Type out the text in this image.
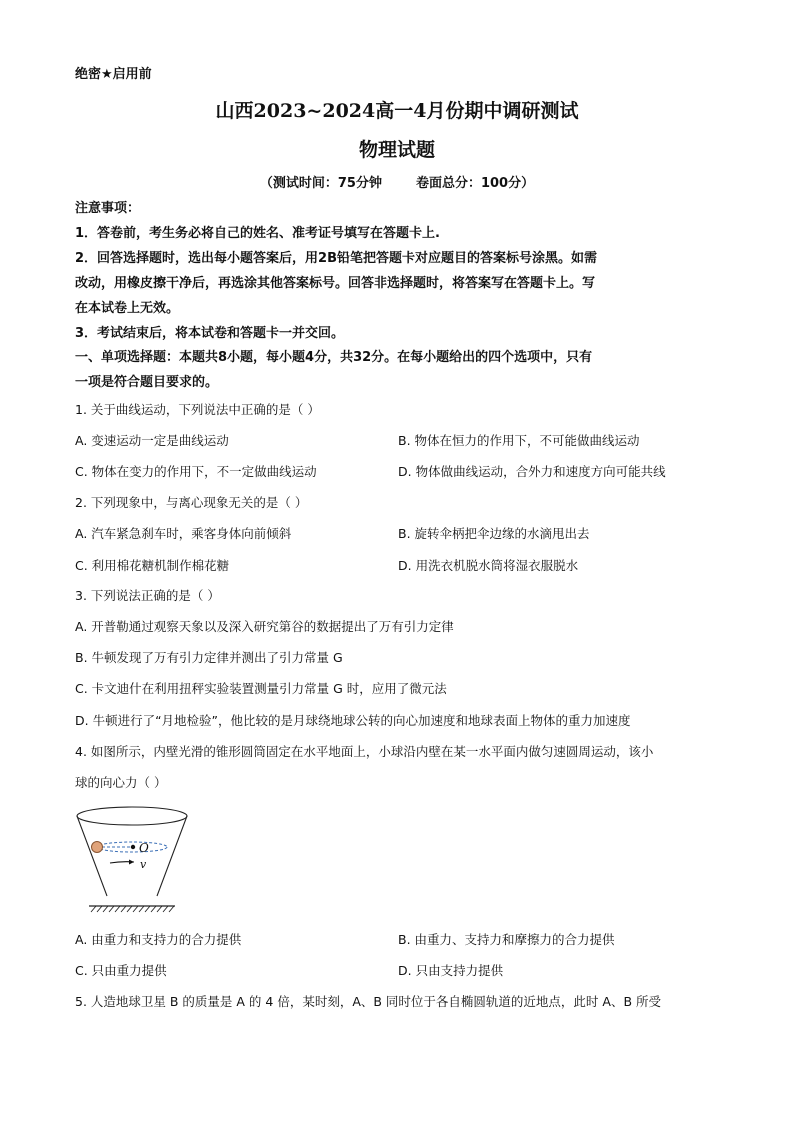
绝密★启用前
山西2023~2024高一4月份期中调研测试
物理试题
（测试时间：75分钟	卷面总分：100分）
注意事项：
1．答卷前，考生务必将自己的姓名、准考证号填写在答题卡上.
2．回答选择题时，选出每小题答案后，用2B铅笔把答题卡对应题目的答案标号涂黑。如需
改动，用橡皮擦干净后，再选涂其他答案标号。回答非选择题时，将答案写在答题卡上。写
在本试卷上无效。
3．考试结束后，将本试卷和答题卡一并交回。
一、单项选择题：本题共8小题，每小题4分，共32分。在每小题给出的四个选项中，只有
一项是符合题目要求的。
1. 关于曲线运动，下列说法中正确的是（ ）
A. 变速运动一定是曲线运动	B. 物体在恒力的作用下，不可能做曲线运动
C. 物体在变力的作用下，不一定做曲线运动	D. 物体做曲线运动，合外力和速度方向可能共线
2. 下列现象中，与离心现象无关的是（ ）
A. 汽车紧急刹车时，乘客身体向前倾斜	B. 旋转伞柄把伞边缘的水滴甩出去
C. 利用棉花糖机制作棉花糖	D. 用洗衣机脱水筒将湿衣服脱水
3. 下列说法正确的是（ ）
A. 开普勒通过观察天象以及深入研究第谷的数据提出了万有引力定律
B. 牛顿发现了万有引力定律并测出了引力常量 G
C. 卡文迪什在利用扭秤实验装置测量引力常量 G 时，应用了微元法
D. 牛顿进行了“月地检验”，他比较的是月球绕地球公转的向心加速度和地球表面上物体的重力加速度
4. 如图所示，内壁光滑的锥形圆筒固定在水平地面上，小球沿内壁在某一水平面内做匀速圆周运动，该小
球的向心力（ ）
O
v
A. 由重力和支持力的合力提供	B. 由重力、支持力和摩擦力的合力提供
C. 只由重力提供	D. 只由支持力提供
5. 人造地球卫星 B 的质量是 A 的 4 倍，某时刻，A、B 同时位于各自椭圆轨道的近地点，此时 A、B 所受
